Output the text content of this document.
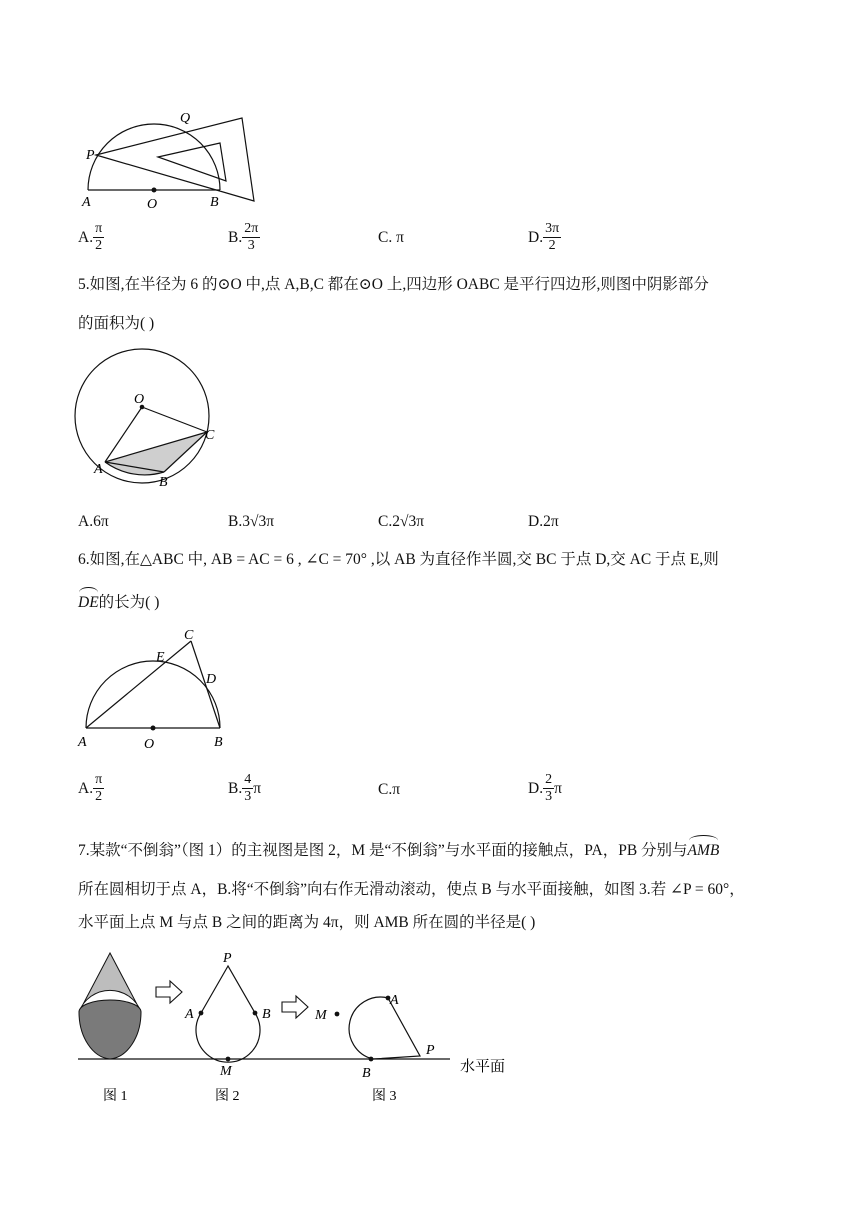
P
Q
A	O	B
A. $\frac{\pi}{2}$	B. $\frac{2\pi}{3}$	C. π	D. $\frac{3\pi}{2}$
5.如图,在半径为 6 的⊙O 中,点 A,B,C 都在⊙O 上,四边形 OABC 是平行四边形,则图中阴影部分
的面积为( )
O
A
B
C
A.6π	B.3√3π	C.2√3π	D.2π
6.如图,在△ABC 中, AB = AC = 6 , ∠C = 70° ,以 AB 为直径作半圆,交 BC 于点 D,交 AC 于点 E,则
DE的长为( )
C
E
D
A	O	B
A. $\frac{\pi}{2}$	B. $\frac{4}{3}$ π	C.π	D. $\frac{2}{3}$ π
7.某款“不倒翁”（图 1）的主视图是图 2，M 是“不倒翁”与水平面的接触点，PA，PB 分别与AMB
所在圆相切于点 A，B.将“不倒翁”向右作无滑动滚动，使点 B 与水平面接触，如图 3.若 ∠P = 60°，
水平面上点 M 与点 B 之间的距离为 4π，则 AMB 所在圆的半径是( )
水平面
图 1
P
A	B
M
图 2
A
M
P
B
图 3
